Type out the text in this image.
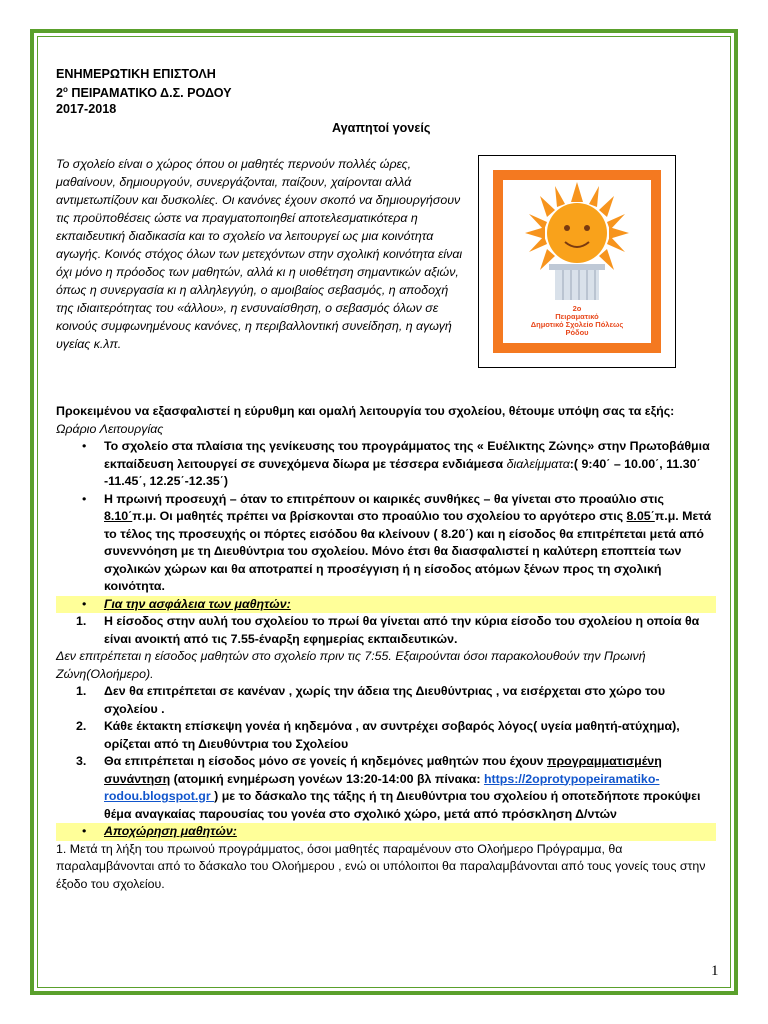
ΕΝΗΜΕΡΩΤΙΚΗ ΕΠΙΣΤΟΛΗ
$2^o$ ΠΕΙΡΑΜΑΤΙΚΟ Δ.Σ. ΡΟΔΟΥ
2017-2018
Αγαπητοί γονείς
Το σχολείο είναι ο χώρος όπου οι μαθητές περνούν πολλές ώρες, μαθαίνουν, δημιουργούν, συνεργάζονται, παίζουν, χαίρονται αλλά αντιμετωπίζουν και δυσκολίες. Οι κανόνες έχουν σκοπό να δημιουργήσουν τις προϋποθέσεις ώστε να πραγματοποιηθεί αποτελεσματικότερα η εκπαιδευτική διαδικασία και το σχολείο να λειτουργεί ως μια κοινότητα αγωγής. Κοινός στόχος όλων των μετεχόντων στην σχολική κοινότητα είναι όχι μόνο η πρόοδος των μαθητών, αλλά κι η υιοθέτηση σημαντικών αξιών, όπως η συνεργασία κι η αλληλεγγύη, ο αμοιβαίος σεβασμός, η αποδοχή της ιδιαιτερότητας του «άλλου», η ενσυναίσθηση, ο σεβασμός όλων σε κοινούς συμφωνημένους κανόνες, η περιβαλλοντική συνείδηση, η αγωγή υγείας κ.λπ.
2ο
Πειραματικό
Δημοτικό Σχολείο Πόλεως
Ρόδου
Προκειμένου να εξασφαλιστεί η εύρυθμη και ομαλή λειτουργία του σχολείου, θέτουμε υπόψη σας τα εξής:
Ωράριο Λειτουργίας
• Το σχολείο στα πλαίσια της γενίκευσης του προγράμματος της « Ευέλικτης Ζώνης» στην Πρωτοβάθμια εκπαίδευση λειτουργεί σε συνεχόμενα δίωρα με τέσσερα ενδιάμεσα διαλείμματα:( 9:40΄ – 10.00΄, 11.30΄ -11.45΄, 12.25΄-12.35΄)
• Η πρωινή προσευχή – όταν το επιτρέπουν οι καιρικές συνθήκες – θα γίνεται στο προαύλιο στις 8.10΄π.μ. Οι μαθητές πρέπει να βρίσκονται στο προαύλιο του σχολείου το αργότερο στις 8.05΄π.μ. Μετά το τέλος της προσευχής οι πόρτες εισόδου θα κλείνουν ( 8.20΄) και η είσοδος θα επιτρέπεται μετά από συνεννόηση με τη Διευθύντρια του σχολείου. Μόνο έτσι θα διασφαλιστεί η καλύτερη εποπτεία των σχολικών χώρων και θα αποτραπεί η προσέγγιση ή η είσοδος ατόμων ξένων προς τη σχολική κοινότητα.
• Για την ασφάλεια των μαθητών:
1. Η είσοδος στην αυλή του σχολείου το πρωί θα γίνεται από την κύρια είσοδο του σχολείου η οποία θα είναι ανοικτή από τις 7.55-έναρξη εφημερίας εκπαιδευτικών.
Δεν επιτρέπεται η είσοδος μαθητών στο σχολείο πριν τις 7:55. Εξαιρούνται όσοι παρακολουθούν την Πρωινή Ζώνη(Ολοήμερο).
1. Δεν θα επιτρέπεται σε κανέναν , χωρίς την άδεια της Διευθύντριας , να εισέρχεται στο χώρο του σχολείου .
2. Κάθε έκτακτη επίσκεψη γονέα ή κηδεμόνα , αν συντρέχει σοβαρός λόγος( υγεία μαθητή-ατύχημα), ορίζεται από τη Διευθύντρια του Σχολείου
3. Θα επιτρέπεται η είσοδος μόνο σε γονείς ή κηδεμόνες μαθητών που έχουν προγραμματισμένη συνάντηση (ατομική ενημέρωση γονέων 13:20-14:00 βλ πίνακα: https://2oprotypopeiramatiko-rodou.blogspot.gr ) με το δάσκαλο της τάξης ή τη Διευθύντρια του σχολείου ή οποτεδήποτε προκύψει θέμα αναγκαίας παρουσίας του γονέα στο σχολικό χώρο, μετά από πρόσκληση Δ/ντών
• Αποχώρηση μαθητών:
1. Μετά τη λήξη του πρωινού προγράμματος, όσοι μαθητές παραμένουν στο Ολοήμερο Πρόγραμμα, θα παραλαμβάνονται από το δάσκαλο του Ολοήμερου , ενώ οι υπόλοιποι θα παραλαμβάνονται από τους γονείς τους στην έξοδο του σχολείου.
1
